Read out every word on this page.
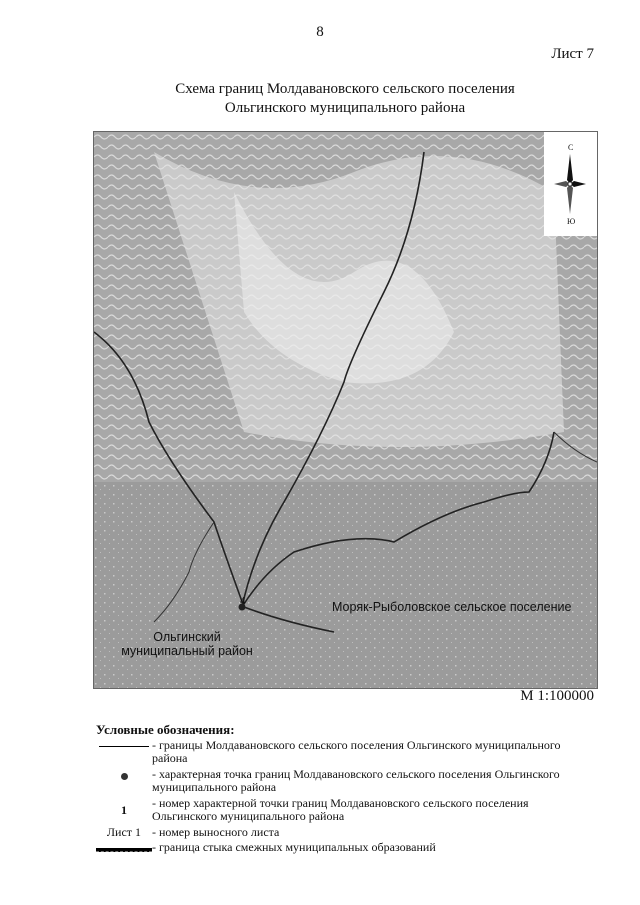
8
Лист 7
Схема границ Молдавановского сельского поселения
Ольгинского муниципального района
С
Ю
4	Моряк-Рыболовское сельское поселение
Ольгинский
муниципальный район
М 1:100000
Условные обозначения:
- границы Молдавановского сельского поселения Ольгинского муниципального района
- характерная точка границ Молдавановского сельского поселения Ольгинского муниципального района
1 - номер характерной точки границ Молдавановского сельского поселения Ольгинского муниципального района
Лист 1 - номер выносного листа
- граница стыка смежных муниципальных образований
